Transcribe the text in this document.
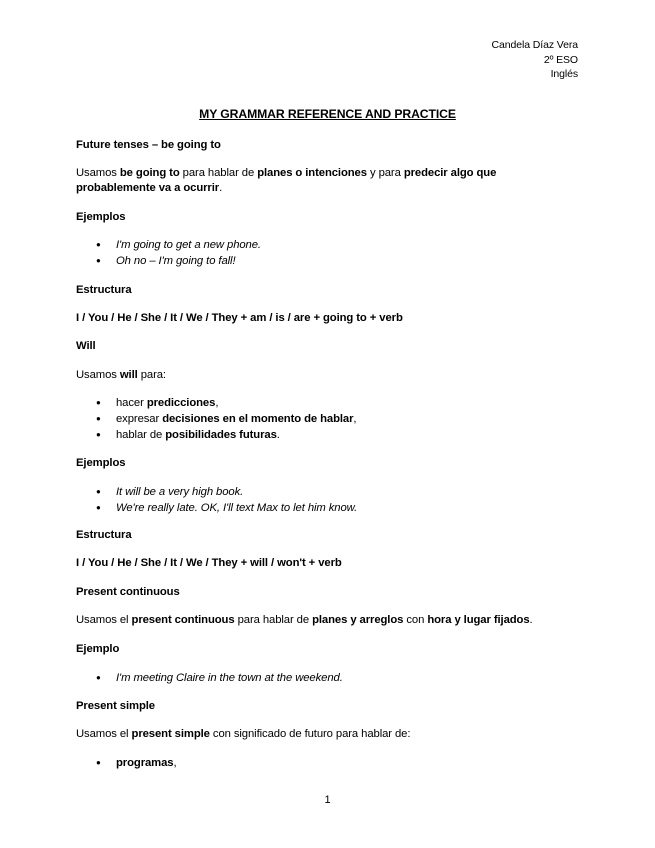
Candela Díaz Vera
2º ESO
Inglés
MY GRAMMAR REFERENCE AND PRACTICE
Future tenses – be going to
Usamos be going to para hablar de planes o intenciones y para predecir algo que
probablemente va a ocurrir.
Ejemplos
● I'm going to get a new phone.
● Oh no – I'm going to fall!
Estructura
I / You / He / She / It / We / They + am / is / are + going to + verb
Will
Usamos will para:
● hacer predicciones,
● expresar decisiones en el momento de hablar,
● hablar de posibilidades futuras.
Ejemplos
● It will be a very high book.
● We're really late. OK, I'll text Max to let him know.
Estructura
I / You / He / She / It / We / They + will / won't + verb
Present continuous
Usamos el present continuous para hablar de planes y arreglos con hora y lugar fijados.
Ejemplo
● I'm meeting Claire in the town at the weekend.
Present simple
Usamos el present simple con significado de futuro para hablar de:
● programas,
1
